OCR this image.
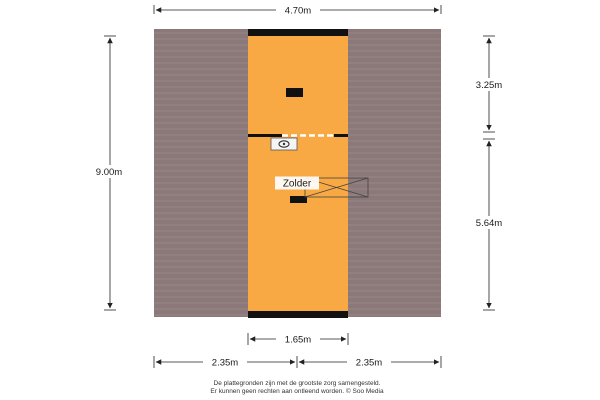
Zolder
4.70m
9.00m
3.25m
5.64m
1.65m
2.35m	2.35m
De plattegronden zijn met de grootste zorg samengesteld.
Er kunnen geen rechten aan ontleend worden. © Soo Media
